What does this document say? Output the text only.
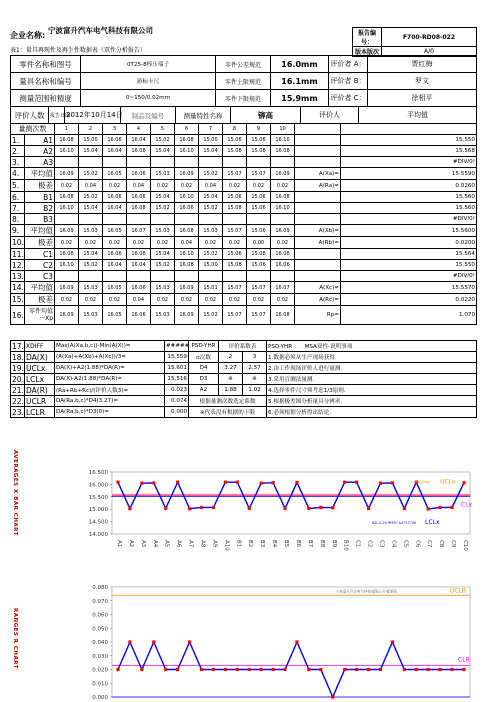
企业名称:
宁波富升汽车电气科技有限公司
表1：量具再现性及再生性数据表（双性分析报告）
报告编号：	F700-RD08-022
版本版次	A/0
零件名称和图号	0T25-8棒压端子	零件公差规范	16.0mm	评价者 A：	贾红梅
量具名称和编号	游标卡尺	零件上限规范	16.1mm	评价者 B：	罗文
测量范围和精度	0~150/0.02mm	零件下限规范	15.9mm	评价者 C：	徐相平
评价人数	报告日期	2012年10月14日	制品及编号	测量特性名称	铆高	评价人	平均值
量测次数		1	2	3	4	5	6	7	8	9	10		
1.	A1	16.08	15.00	16.06	16.04	15.02	16.08	15.00	15.06	15.06	16.10		15.550
2.	A2	16.10	15.04	16.04	16.08	15.04	16.10	15.04	15.08	15.08	16.08		15.568
3.	A3												#DIV/0!
4.	平均值	16.09	15.02	16.05	16.06	15.03	16.09	15.02	15.07	15.07	16.09	A(Xa)=	15.5590
5.	极差	0.02	0.04	0.02	0.04	0.02	0.02	0.04	0.02	0.02	0.02	A(Ra)=	0.0260
6.	B1	16.08	15.02	16.06	16.06	15.04	16.10	15.04	15.06	15.06	16.08		15.560
7.	B2	16.10	15.04	16.04	16.08	15.02	16.06	15.02	15.08	15.06	16.10		15.560
8.	B3												#DIV/0!
9.	平均值	16.09	15.03	16.05	16.07	15.03	16.08	15.03	15.07	15.06	16.09	A(Xb)=	15.5600
10.	极差	0.02	0.02	0.02	0.02	0.02	0.04	0.02	0.02	0.00	0.02	A(Rb)=	0.0200
11.	C1	16.08	15.04	16.06	16.08	15.04	16.10	15.02	15.06	15.08	16.08		15.564
12.	C2	16.10	15.02	16.04	16.04	15.02	16.08	15.00	15.08	15.06	16.06		15.550
13.	C3												#DIV/0!
14.	平均值	16.09	15.03	16.05	16.06	15.03	16.09	15.01	15.07	15.07	16.07	A(Xc)=	15.5570
15.	极差	0.02	0.02	0.02	0.04	0.02	0.02	0.02	0.02	0.02	0.02	A(Rc)=	0.0220
16.	零件均值一Xp	16.09	15.03	16.05	16.06	15.03	16.09	15.02	15.07	15.07	16.08	Rp=	1.070
17.	XDIFF	Max(A(Xa,b,c))-Min(A(X))=	#####	PSD-YHR	评价系数表		PSD-YHR MSA双性-说明事项
18.	DA(X)	(A(Xa)+A(Xb)+A(Xc))/3=	15.559	n次数	2	3	1.数据必须从生产现场获得.
19.	UCLx	DA(X)+A2(1.88)*DA(R)=	15.601	D4	3.27	2.57	2.由工作现场评价人进行量测.
20.	LCLx	DA(X)-A2(1.88)*DA(R)=	15.516	D3	※	※	3.采用盲测法量测.
21.	DA(R)	(Ra+Rb+Rc)/(评价人数3)=	0.023	A2	1.88	1.02	4.选择零件尺寸须考虑1/3原则.
22.	UCLR	DA(Ra,b,c)*D4(3.27)=	0.074	根据量测次数选定系数			5.根据极差图分析量具分辨率.
23.	LCLR	DA(Ra,b,c)*D3(0)=	0.000	※代表没有根据的下限			6.必须根据分析得出结论.
AVERAGES X BAR CHART	16.500
16.000
15.500
15.000
14.500
14.000
A1 A2 A3 A4 A5 A6 A7 A8 A9 A10 B1 B2 B3 B4 B5 B6 B7 B8 B9 B10 C1 C2 C3 C4 C5 C6 C7 C8 C9 C10
UCLx
CLx
LCLx
PSD-YHR
BZL-A-26 PR997 A473-T796
RANGES R CHART
0.080
0.070
0.060
0.050
0.040
0.030
0.020
0.010
0.000
UCLR
CLR
宁波富升汽车电气科技有限公司-极差图
